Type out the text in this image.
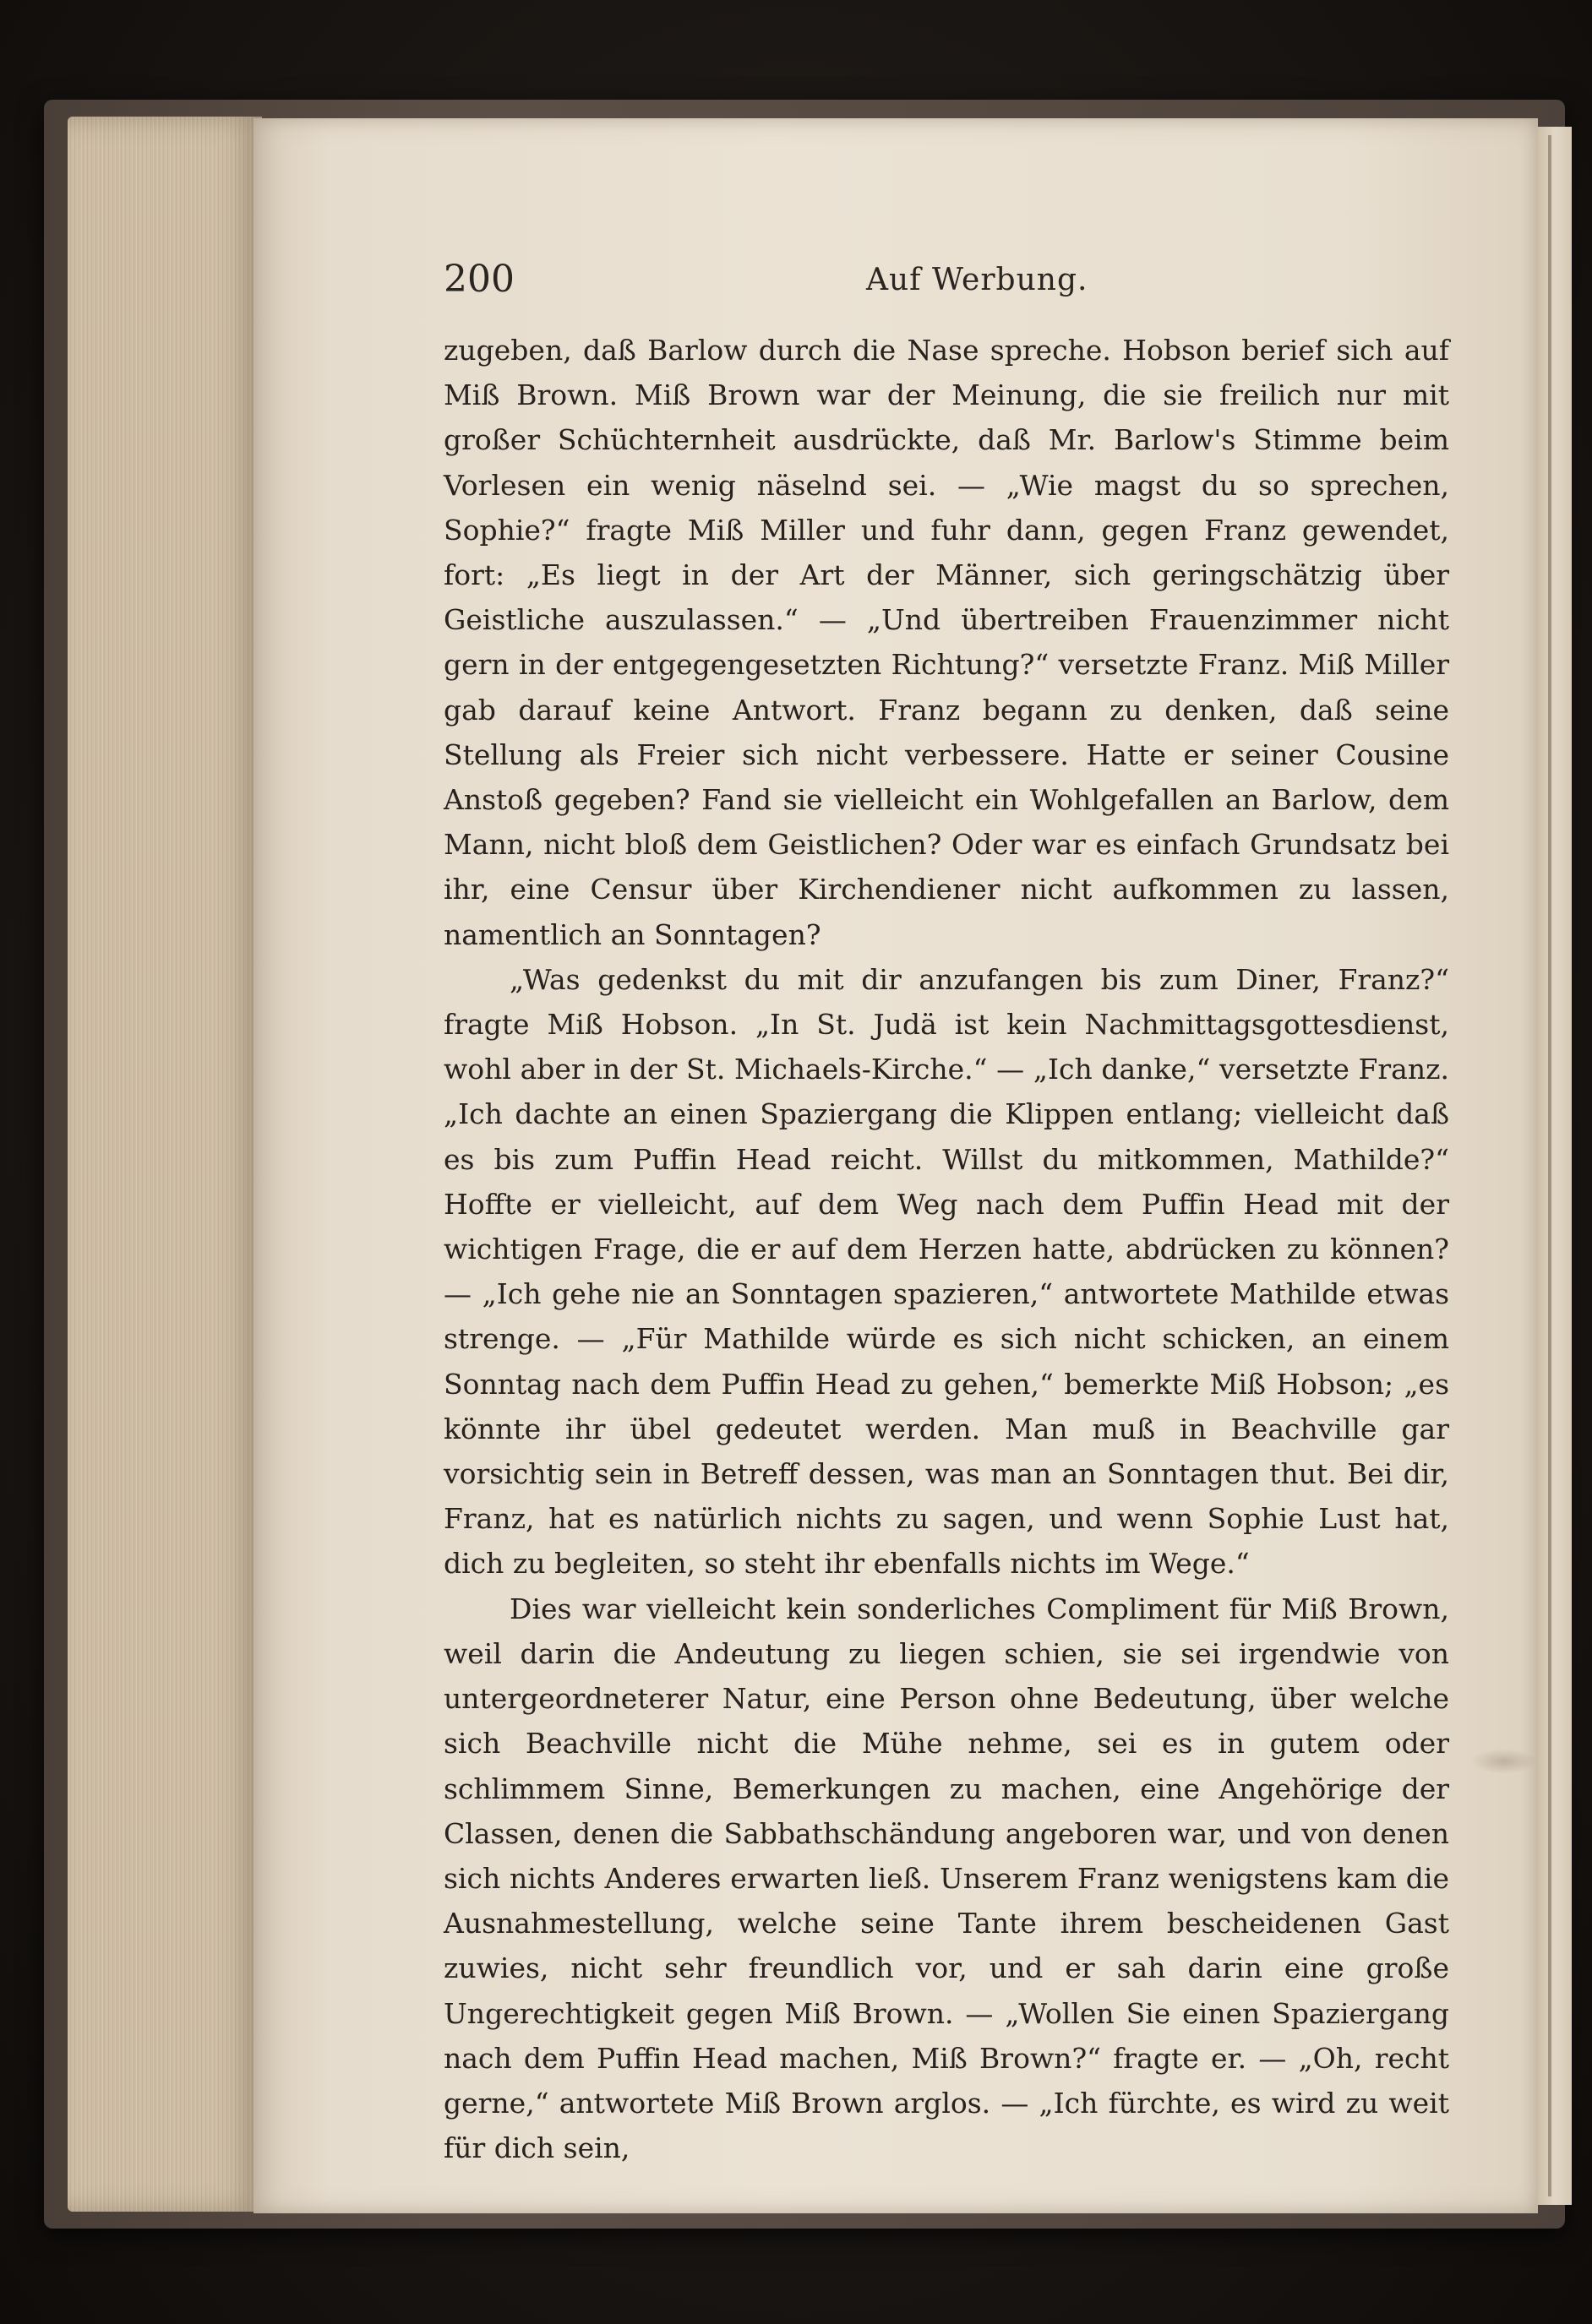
200	Auf Werbung.

zugeben, daß Barlow durch die Nase spreche. Hobson berief sich auf Miß Brown. Miß Brown war der Meinung, die sie freilich nur mit großer Schüchternheit ausdrückte, daß Mr. Barlow's Stimme beim Vorlesen ein wenig näselnd sei. — „Wie magst du so sprechen, Sophie?“ fragte Miß Miller und fuhr dann, gegen Franz gewendet, fort: „Es liegt in der Art der Männer, sich geringschätzig über Geistliche auszulassen.“ — „Und übertreiben Frauenzimmer nicht gern in der entgegengesetzten Richtung?“ versetzte Franz. Miß Miller gab darauf keine Antwort. Franz begann zu denken, daß seine Stellung als Freier sich nicht verbessere. Hatte er seiner Cousine Anstoß gegeben? Fand sie vielleicht ein Wohlgefallen an Barlow, dem Mann, nicht bloß dem Geistlichen? Oder war es einfach Grundsatz bei ihr, eine Censur über Kirchendiener nicht aufkommen zu lassen, namentlich an Sonntagen?

„Was gedenkst du mit dir anzufangen bis zum Diner, Franz?“ fragte Miß Hobson. „In St. Judä ist kein Nachmittagsgottesdienst, wohl aber in der St. Michaels-Kirche.“ — „Ich danke,“ versetzte Franz. „Ich dachte an einen Spaziergang die Klippen entlang; vielleicht daß es bis zum Puffin Head reicht. Willst du mitkommen, Mathilde?“ Hoffte er vielleicht, auf dem Weg nach dem Puffin Head mit der wichtigen Frage, die er auf dem Herzen hatte, abdrücken zu können? — „Ich gehe nie an Sonntagen spazieren,“ antwortete Mathilde etwas strenge. — „Für Mathilde würde es sich nicht schicken, an einem Sonntag nach dem Puffin Head zu gehen,“ bemerkte Miß Hobson; „es könnte ihr übel gedeutet werden. Man muß in Beachville gar vorsichtig sein in Betreff dessen, was man an Sonntagen thut. Bei dir, Franz, hat es natürlich nichts zu sagen, und wenn Sophie Lust hat, dich zu begleiten, so steht ihr ebenfalls nichts im Wege.“

Dies war vielleicht kein sonderliches Compliment für Miß Brown, weil darin die Andeutung zu liegen schien, sie sei irgendwie von untergeordneterer Natur, eine Person ohne Bedeutung, über welche sich Beachville nicht die Mühe nehme, sei es in gutem oder schlimmem Sinne, Bemerkungen zu machen, eine Angehörige der Classen, denen die Sabbathschändung angeboren war, und von denen sich nichts Anderes erwarten ließ. Unserem Franz wenigstens kam die Ausnahmestellung, welche seine Tante ihrem bescheidenen Gast zuwies, nicht sehr freundlich vor, und er sah darin eine große Ungerechtigkeit gegen Miß Brown. — „Wollen Sie einen Spaziergang nach dem Puffin Head machen, Miß Brown?“ fragte er. — „Oh, recht gerne,“ antwortete Miß Brown arglos. — „Ich fürchte, es wird zu weit für dich sein,
